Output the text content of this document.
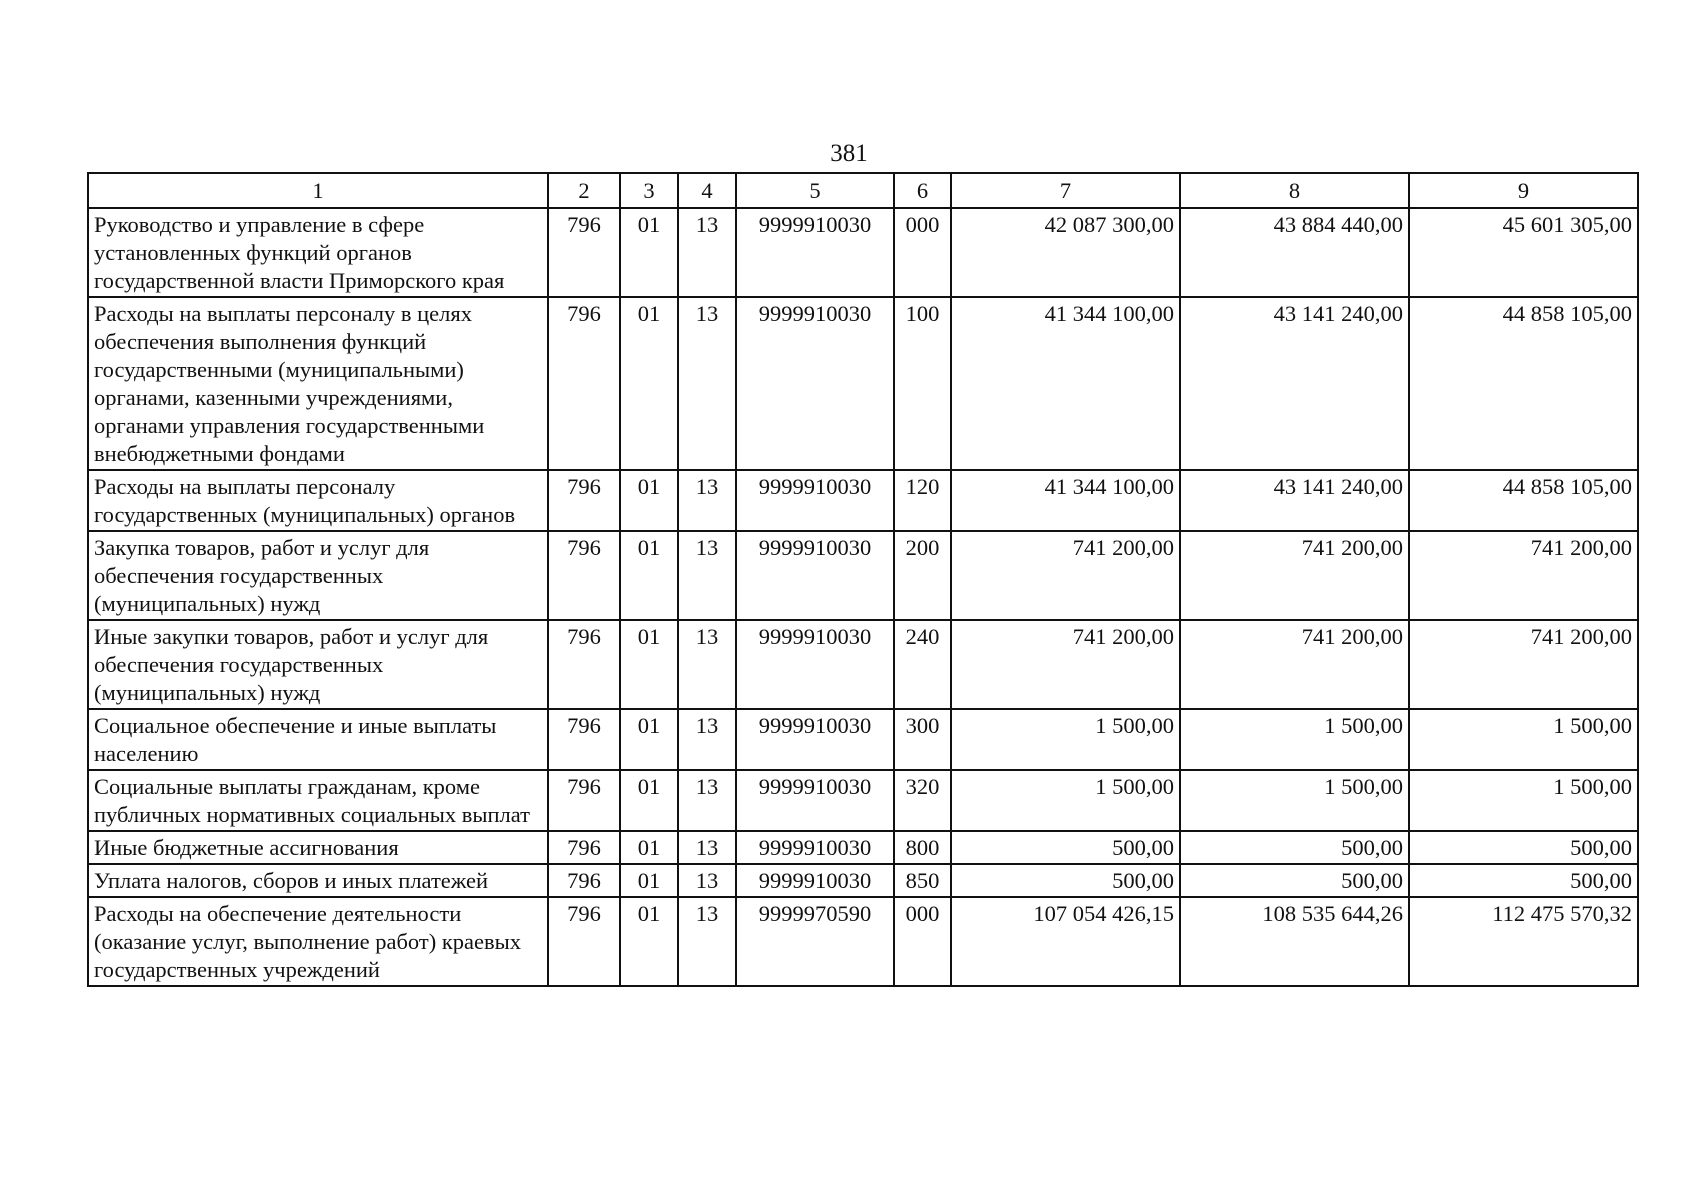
381
1	2	3	4	5	6	7	8	9
Руководство и управление в сфере установленных функций органов государственной власти Приморского края	796	01	13	9999910030	000	42 087 300,00	43 884 440,00	45 601 305,00
Расходы на выплаты персоналу в целях обеспечения выполнения функций государственными (муниципальными) органами, казенными учреждениями, органами управления государственными внебюджетными фондами	796	01	13	9999910030	100	41 344 100,00	43 141 240,00	44 858 105,00
Расходы на выплаты персоналу государственных (муниципальных) органов	796	01	13	9999910030	120	41 344 100,00	43 141 240,00	44 858 105,00
Закупка товаров, работ и услуг для обеспечения государственных (муниципальных) нужд	796	01	13	9999910030	200	741 200,00	741 200,00	741 200,00
Иные закупки товаров, работ и услуг для обеспечения государственных (муниципальных) нужд	796	01	13	9999910030	240	741 200,00	741 200,00	741 200,00
Социальное обеспечение и иные выплаты населению	796	01	13	9999910030	300	1 500,00	1 500,00	1 500,00
Социальные выплаты гражданам, кроме публичных нормативных социальных выплат	796	01	13	9999910030	320	1 500,00	1 500,00	1 500,00
Иные бюджетные ассигнования	796	01	13	9999910030	800	500,00	500,00	500,00
Уплата налогов, сборов и иных платежей	796	01	13	9999910030	850	500,00	500,00	500,00
Расходы на обеспечение деятельности (оказание услуг, выполнение работ) краевых государственных учреждений	796	01	13	9999970590	000	107 054 426,15	108 535 644,26	112 475 570,32
